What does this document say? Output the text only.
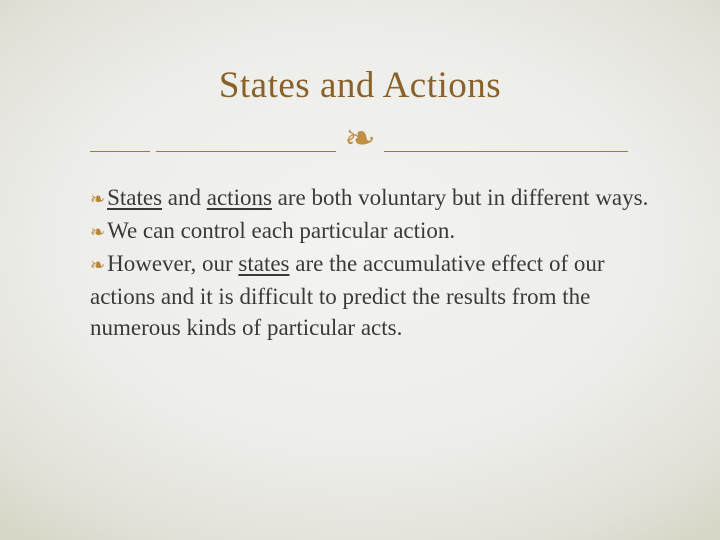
States and Actions
❧
❧States and actions are both voluntary but in different ways.
❧We can control each particular action.
❧However, our states are the accumulative effect of our actions and it is difficult to predict the results from the numerous kinds of particular acts.
